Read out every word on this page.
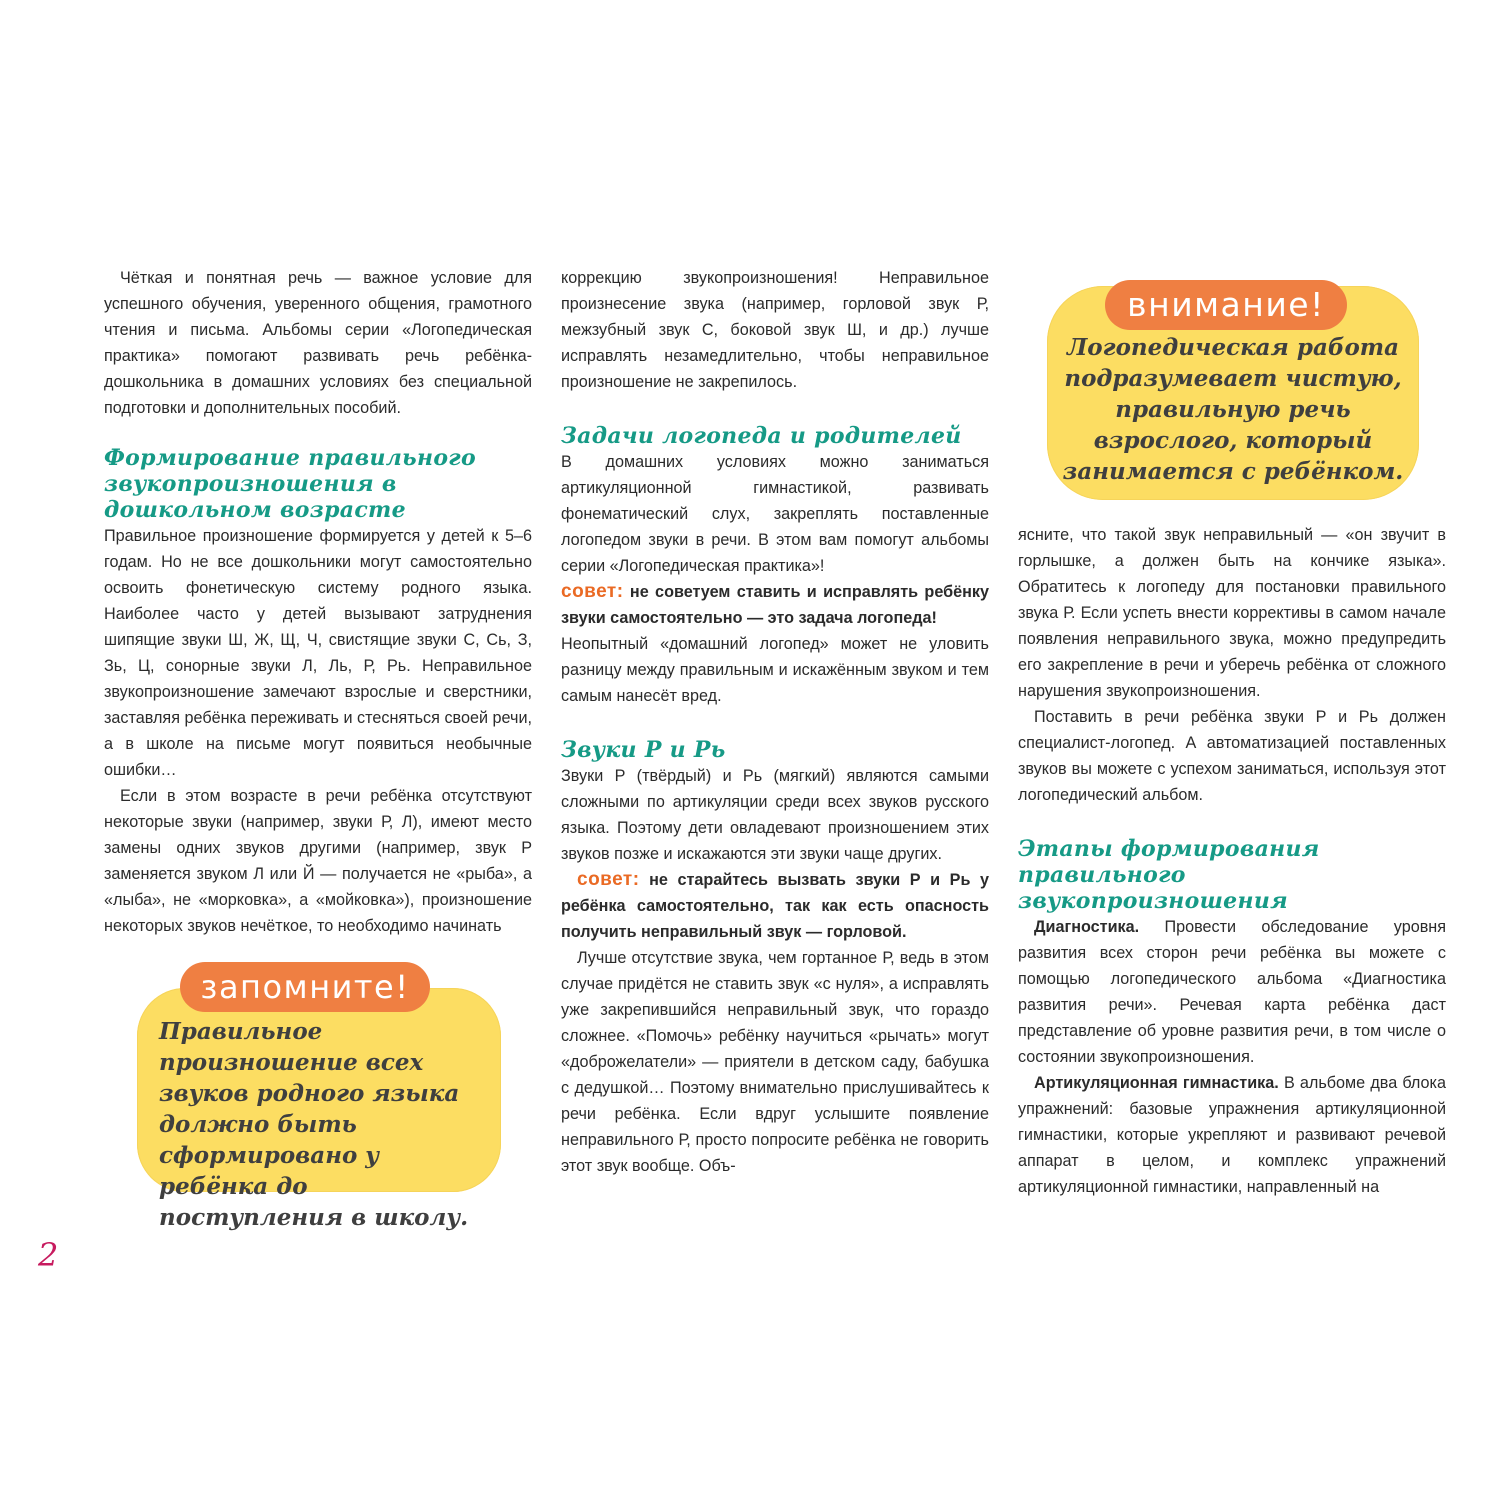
Чёткая и понятная речь — важное условие для успешного обучения, уверенного общения, грамотного чтения и письма. Альбомы серии «Логопедическая практика» помогают развивать речь ребёнка-дошкольника в домашних условиях без специальной подготовки и дополнительных пособий.

Формирование правильного звукопроизношения в дошкольном возрасте

Правильное произношение формируется у детей к 5–6 годам. Но не все дошкольники могут самостоятельно освоить фонетическую систему родного языка. Наиболее часто у детей вызывают затруднения шипящие звуки Ш, Ж, Щ, Ч, свистящие звуки С, Сь, З, Зь, Ц, сонорные звуки Л, Ль, Р, Рь. Неправильное звукопроизношение замечают взрослые и сверстники, заставляя ребёнка переживать и стесняться своей речи, а в школе на письме могут появиться необычные ошибки…

Если в этом возрасте в речи ребёнка отсутствуют некоторые звуки (например, звуки Р, Л), имеют место замены одних звуков другими (например, звук Р заменяется звуком Л или Й — получается не «рыба», а «лыба», не «морковка», а «мойковка»), произношение некоторых звуков нечёткое, то необходимо начинать

запомните!
Правильное произношение всех звуков родного языка должно быть сформировано у ребёнка до поступления в школу.

коррекцию звукопроизношения! Неправильное произнесение звука (например, горловой звук Р, межзубный звук С, боковой звук Ш, и др.) лучше исправлять незамедлительно, чтобы неправильное произношение не закрепилось.

Задачи логопеда и родителей

В домашних условиях можно заниматься артикуляционной гимнастикой, развивать фонематический слух, закреплять поставленные логопедом звуки в речи. В этом вам помогут альбомы серии «Логопедическая практика»!

совет: не советуем ставить и исправлять ребёнку звуки самостоятельно — это задача логопеда!

Неопытный «домашний логопед» может не уловить разницу между правильным и искажённым звуком и тем самым нанесёт вред.

Звуки Р и Рь

Звуки Р (твёрдый) и Рь (мягкий) являются самыми сложными по артикуляции среди всех звуков русского языка. Поэтому дети овладевают произношением этих звуков позже и искажаются эти звуки чаще других.

совет: не старайтесь вызвать звуки Р и Рь у ребёнка самостоятельно, так как есть опасность получить неправильный звук — горловой.

Лучше отсутствие звука, чем гортанное Р, ведь в этом случае придётся не ставить звук «с нуля», а исправлять уже закрепившийся неправильный звук, что гораздо сложнее. «Помочь» ребёнку научиться «рычать» могут «доброжелатели» — приятели в детском саду, бабушка с дедушкой… Поэтому внимательно прислушивайтесь к речи ребёнка. Если вдруг услышите появление неправильного Р, просто попросите ребёнка не говорить этот звук вообще. Объ-

внимание!
Логопедическая работа подразумевает чистую, правильную речь взрослого, который занимается с ребёнком.

ясните, что такой звук неправильный — «он звучит в горлышке, а должен быть на кончике языка». Обратитесь к логопеду для постановки правильного звука Р. Если успеть внести коррективы в самом начале появления неправильного звука, можно предупредить его закрепление в речи и уберечь ребёнка от сложного нарушения звукопроизношения.

Поставить в речи ребёнка звуки Р и Рь должен специалист-логопед. А автоматизацией поставленных звуков вы можете с успехом заниматься, используя этот логопедический альбом.

Этапы формирования правильного звукопроизношения

Диагностика. Провести обследование уровня развития всех сторон речи ребёнка вы можете с помощью логопедического альбома «Диагностика развития речи». Речевая карта ребёнка даст представление об уровне развития речи, в том числе о состоянии звукопроизношения.

Артикуляционная гимнастика. В альбоме два блока упражнений: базовые упражнения артикуляционной гимнастики, которые укрепляют и развивают речевой аппарат в целом, и комплекс упражнений артикуляционной гимнастики, направленный на

2
